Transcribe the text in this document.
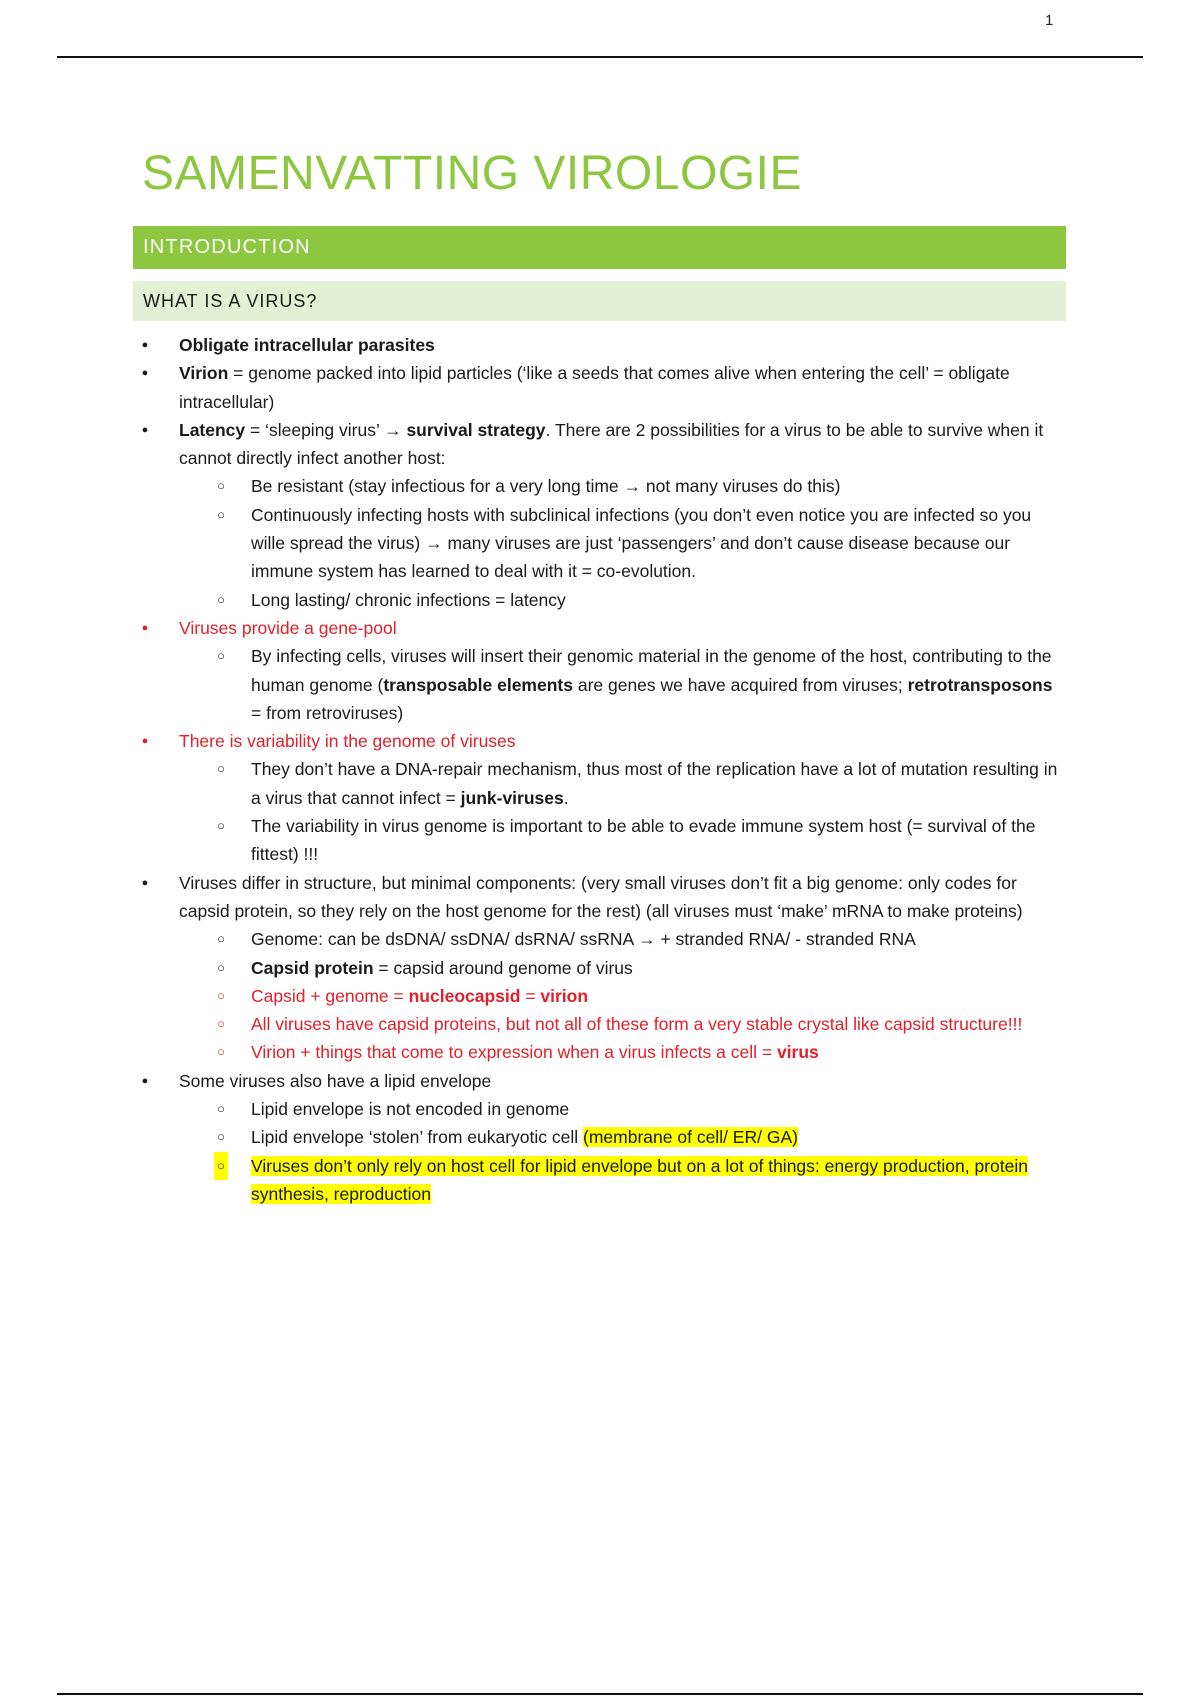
1
SAMENVATTING VIROLOGIE
INTRODUCTION
WHAT IS A VIRUS?
● Obligate intracellular parasites
● Virion = genome packed into lipid particles (‘like a seeds that comes alive when entering the cell’ = obligate intracellular)
● Latency = ‘sleeping virus’ → survival strategy. There are 2 possibilities for a virus to be able to survive when it cannot directly infect another host:
○ Be resistant (stay infectious for a very long time → not many viruses do this)
○ Continuously infecting hosts with subclinical infections (you don’t even notice you are infected so you wille spread the virus) → many viruses are just ‘passengers’ and don’t cause disease because our immune system has learned to deal with it = co-evolution.
○ Long lasting/ chronic infections = latency
● Viruses provide a gene-pool
○ By infecting cells, viruses will insert their genomic material in the genome of the host, contributing to the human genome (transposable elements are genes we have acquired from viruses; retrotransposons = from retroviruses)
● There is variability in the genome of viruses
○ They don’t have a DNA-repair mechanism, thus most of the replication have a lot of mutation resulting in a virus that cannot infect = junk-viruses.
○ The variability in virus genome is important to be able to evade immune system host (= survival of the fittest) !!!
● Viruses differ in structure, but minimal components: (very small viruses don’t fit a big genome: only codes for capsid protein, so they rely on the host genome for the rest) (all viruses must ‘make’ mRNA to make proteins)
○ Genome: can be dsDNA/ ssDNA/ dsRNA/ ssRNA → + stranded RNA/ - stranded RNA
○ Capsid protein = capsid around genome of virus
○ Capsid + genome = nucleocapsid = virion
○ All viruses have capsid proteins, but not all of these form a very stable crystal like capsid structure!!!
○ Virion + things that come to expression when a virus infects a cell = virus
● Some viruses also have a lipid envelope
○ Lipid envelope is not encoded in genome
○ Lipid envelope ‘stolen’ from eukaryotic cell (membrane of cell/ ER/ GA)
○ Viruses don’t only rely on host cell for lipid envelope but on a lot of things: energy production, protein synthesis, reproduction
